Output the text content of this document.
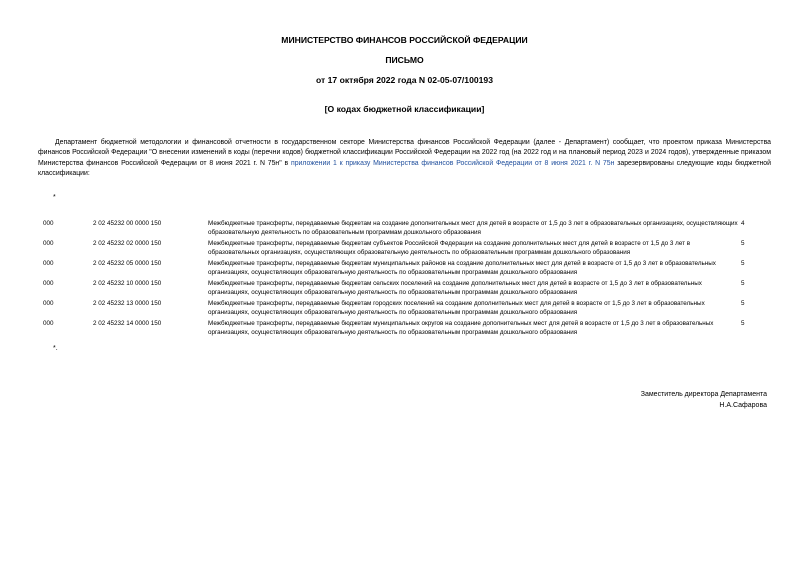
МИНИСТЕРСТВО ФИНАНСОВ РОССИЙСКОЙ ФЕДЕРАЦИИ
ПИСЬМО
от 17 октября 2022 года N 02-05-07/100193
[О кодах бюджетной классификации]
Департамент бюджетной методологии и финансовой отчетности в государственном секторе Министерства финансов Российской Федерации (далее - Департамент) сообщает, что проектом приказа Министерства финансов Российской Федерации "О внесении изменений в коды (перечни кодов) бюджетной классификации Российской Федерации на 2022 год (на 2022 год и на плановый период 2023 и 2024 годов), утвержденные приказом Министерства финансов Российской Федерации от 8 июня 2021 г. N 75н" в приложении 1 к приказу Министерства финансов Российской Федерации от 8 июня 2021 г. N 75н зарезервированы следующие коды бюджетной классификации:
*
000	2 02 45232 00 0000 150	Межбюджетные трансферты, передаваемые бюджетам на создание дополнительных мест для детей в возрасте от 1,5 до 3 лет в образовательных организациях, осуществляющих образовательную деятельность по образовательным программам дошкольного образования	4
000	2 02 45232 02 0000 150	Межбюджетные трансферты, передаваемые бюджетам субъектов Российской Федерации на создание дополнительных мест для детей в возрасте от 1,5 до 3 лет в образовательных организациях, осуществляющих образовательную деятельность по образовательным программам дошкольного образования	5
000	2 02 45232 05 0000 150	Межбюджетные трансферты, передаваемые бюджетам муниципальных районов на создание дополнительных мест для детей в возрасте от 1,5 до 3 лет в образовательных организациях, осуществляющих образовательную деятельность по образовательным программам дошкольного образования	5
000	2 02 45232 10 0000 150	Межбюджетные трансферты, передаваемые бюджетам сельских поселений на создание дополнительных мест для детей в возрасте от 1,5 до 3 лет в образовательных организациях, осуществляющих образовательную деятельность по образовательным программам дошкольного образования	5
000	2 02 45232 13 0000 150	Межбюджетные трансферты, передаваемые бюджетам городских поселений на создание дополнительных мест для детей в возрасте от 1,5 до 3 лет в образовательных организациях, осуществляющих образовательную деятельность по образовательным программам дошкольного образования	5
000	2 02 45232 14 0000 150	Межбюджетные трансферты, передаваемые бюджетам муниципальных округов на создание дополнительных мест для детей в возрасте от 1,5 до 3 лет в образовательных организациях, осуществляющих образовательную деятельность по образовательным программам дошкольного образования	5
*.
Заместитель директора Департамента
Н.А.Сафарова
